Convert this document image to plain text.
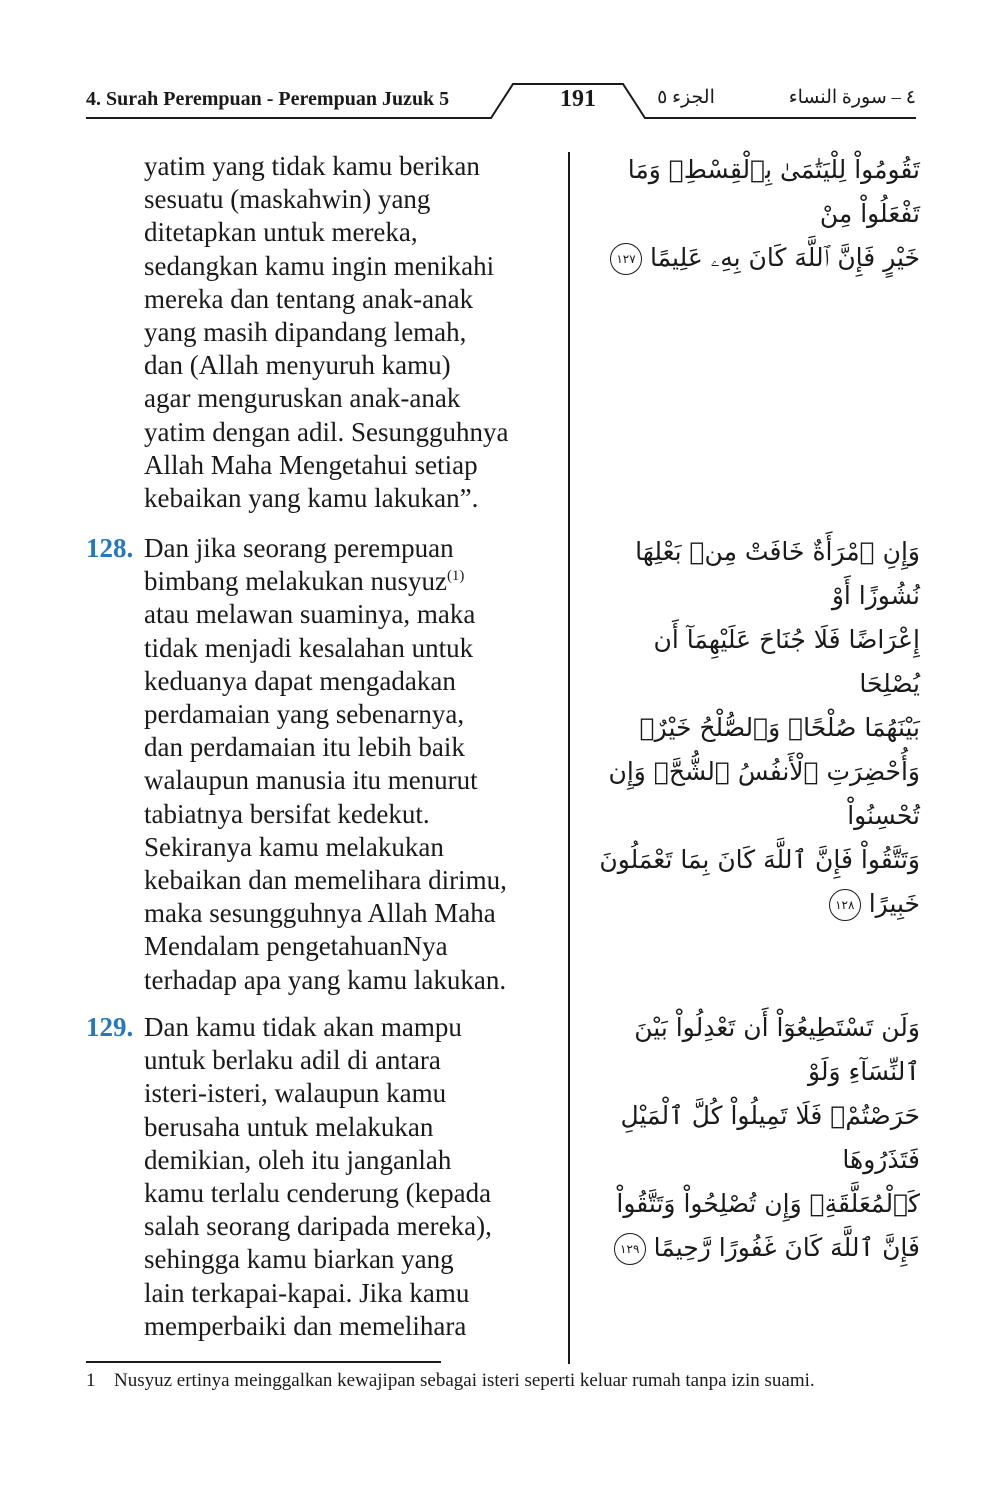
4. Surah Perempuan - Perempuan Juzuk 5	191	الجزء ٥	٤ – سورة النساء

yatim yang tidak kamu berikan
sesuatu (maskahwin) yang
ditetapkan untuk mereka,
sedangkan kamu ingin menikahi
mereka dan tentang anak-anak
yang masih dipandang lemah,
dan (Allah menyuruh kamu)
agar menguruskan anak-anak
yatim dengan adil. Sesungguhnya
Allah Maha Mengetahui setiap
kebaikan yang kamu lakukan”.

128. Dan jika seorang perempuan
bimbang melakukan nusyuz$^{(1)}$
atau melawan suaminya, maka
tidak menjadi kesalahan untuk
keduanya dapat mengadakan
perdamaian yang sebenarnya,
dan perdamaian itu lebih baik
walaupun manusia itu menurut
tabiatnya bersifat kedekut.
Sekiranya kamu melakukan
kebaikan dan memelihara dirimu,
maka sesungguhnya Allah Maha
Mendalam pengetahuanNya
terhadap apa yang kamu lakukan.

129. Dan kamu tidak akan mampu
untuk berlaku adil di antara
isteri-isteri, walaupun kamu
berusaha untuk melakukan
demikian, oleh itu janganlah
kamu terlalu cenderung (kepada
salah seorang daripada mereka),
sehingga kamu biarkan yang
lain terkapai-kapai. Jika kamu
memperbaiki dan memelihara

تَقُومُواْ لِلْيَتَٰمَىٰ بِٱلْقِسْطِۚ وَمَا تَفْعَلُواْ مِنْ
خَيْرٍ فَإِنَّ ٱللَّهَ كَانَ بِهِۦ عَلِيمًا ١٢٧
وَإِنِ ٱمْرَأَةٌ خَافَتْ مِنۢ بَعْلِهَا نُشُوزًا أَوْ
إِعْرَاضًا فَلَا جُنَاحَ عَلَيْهِمَآ أَن يُصْلِحَا
بَيْنَهُمَا صُلْحًاۚ وَٱلصُّلْحُ خَيْرٌۗ
وَأُحْضِرَتِ ٱلْأَنفُسُ ٱلشُّحَّۚ وَإِن تُحْسِنُواْ
وَتَتَّقُواْ فَإِنَّ ٱللَّهَ كَانَ بِمَا تَعْمَلُونَ
خَبِيرًا ١٢٨
وَلَن تَسْتَطِيعُوٓاْ أَن تَعْدِلُواْ بَيْنَ ٱلنِّسَآءِ وَلَوْ
حَرَصْتُمْۖ فَلَا تَمِيلُواْ كُلَّ ٱلْمَيْلِ فَتَذَرُوهَا
كَٱلْمُعَلَّقَةِۚ وَإِن تُصْلِحُواْ وَتَتَّقُواْ
فَإِنَّ ٱللَّهَ كَانَ غَفُورًا رَّحِيمًا ١٢٩
1 Nusyuz ertinya meinggalkan kewajipan sebagai isteri seperti keluar rumah tanpa izin suami.
